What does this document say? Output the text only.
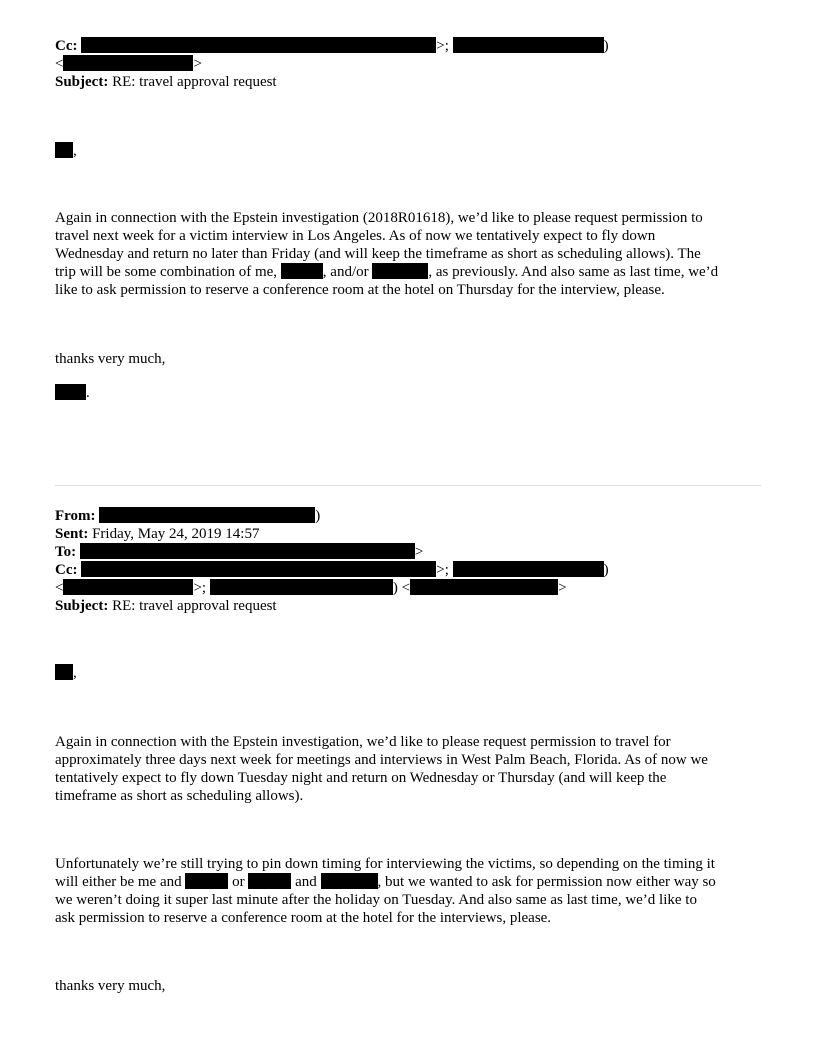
Cc:	>;	)
<	>
Subject: RE: travel approval request
,
Again in connection with the Epstein investigation (2018R01618), we’d like to please request permission to
travel next week for a victim interview in Los Angeles. As of now we tentatively expect to fly down
Wednesday and return no later than Friday (and will keep the timeframe as short as scheduling allows). The
trip will be some combination of me,	, and/or	, as previously. And also same as last time, we’d
like to ask permission to reserve a conference room at the hotel on Thursday for the interview, please.
thanks very much,
.
From:	)
Sent: Friday, May 24, 2019 14:57
To:	>
Cc:	>;	)
<	>;	) <	>
Subject: RE: travel approval request
,
Again in connection with the Epstein investigation, we’d like to please request permission to travel for
approximately three days next week for meetings and interviews in West Palm Beach, Florida. As of now we
tentatively expect to fly down Tuesday night and return on Wednesday or Thursday (and will keep the
timeframe as short as scheduling allows).
Unfortunately we’re still trying to pin down timing for interviewing the victims, so depending on the timing it
will either be me and	or	and	, but we wanted to ask for permission now either way so
we weren’t doing it super last minute after the holiday on Tuesday. And also same as last time, we’d like to
ask permission to reserve a conference room at the hotel for the interviews, please.
thanks very much,
